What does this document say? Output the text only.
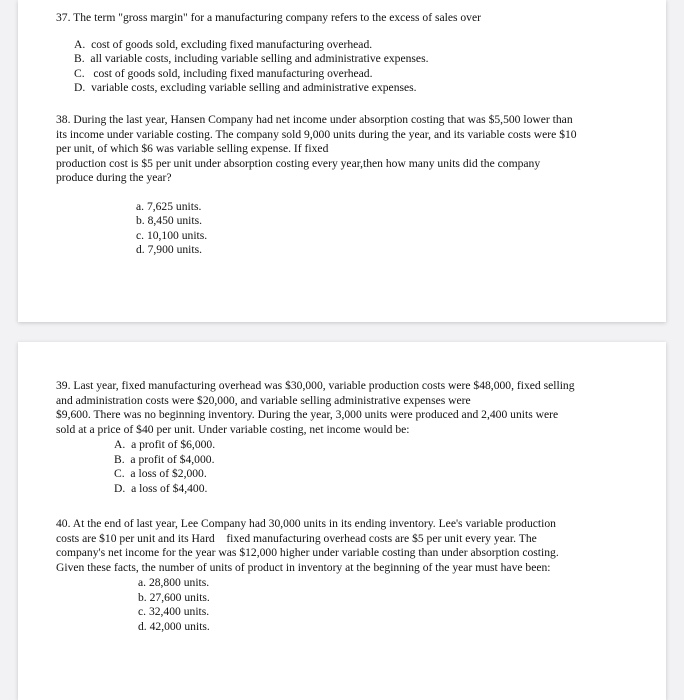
37. The term "gross margin" for a manufacturing company refers to the excess of sales over

A.  cost of goods sold, excluding fixed manufacturing overhead.
B.  all variable costs, including variable selling and administrative expenses.
C.   cost of goods sold, including fixed manufacturing overhead.
D.  variable costs, excluding variable selling and administrative expenses.

38. During the last year, Hansen Company had net income under absorption costing that was $5,500 lower than

its income under variable costing. The company sold 9,000 units during the year, and its variable costs were $10

per unit, of which $6 was variable selling expense. If fixed

production cost is $5 per unit under absorption costing every year,then how many units did the company

produce during the year?

a. 7,625 units.
b. 8,450 units.
c. 10,100 units.
d. 7,900 units.

39. Last year, fixed manufacturing overhead was $30,000, variable production costs were $48,000, fixed selling

and administration costs were $20,000, and variable selling administrative expenses were

$9,600. There was no beginning inventory. During the year, 3,000 units were produced and 2,400 units were

sold at a price of $40 per unit. Under variable costing, net income would be:

A.  a profit of $6,000.
B.  a profit of $4,000.
C.  a loss of $2,000.
D.  a loss of $4,400.

40. At the end of last year, Lee Company had 30,000 units in its ending inventory. Lee's variable production

costs are $10 per unit and its Hard    fixed manufacturing overhead costs are $5 per unit every year. The

company's net income for the year was $12,000 higher under variable costing than under absorption costing.

Given these facts, the number of units of product in inventory at the beginning of the year must have been:

a. 28,800 units.
b. 27,600 units.
c. 32,400 units.
d. 42,000 units.
